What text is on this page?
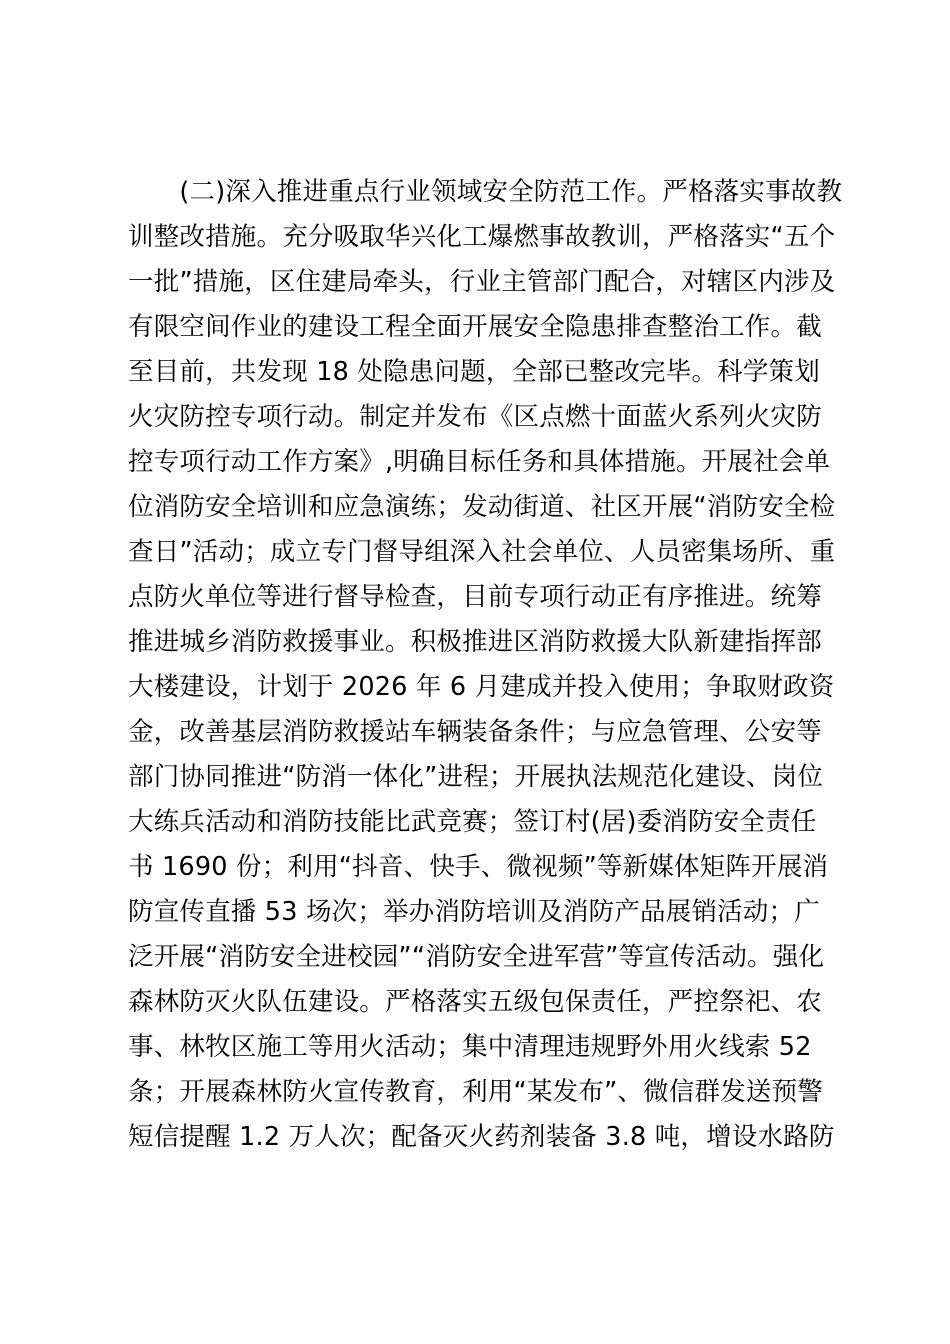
　　(二)深入推进重点行业领域安全防范工作。严格落实事故教
训整改措施。充分吸取华兴化工爆燃事故教训，严格落实“五个
一批”措施，区住建局牵头，行业主管部门配合，对辖区内涉及
有限空间作业的建设工程全面开展安全隐患排查整治工作。截
至目前，共发现 18 处隐患问题，全部已整改完毕。科学策划
火灾防控专项行动。制定并发布《区点燃十面蓝火系列火灾防
控专项行动工作方案》,明确目标任务和具体措施。开展社会单
位消防安全培训和应急演练；发动街道、社区开展“消防安全检
查日”活动；成立专门督导组深入社会单位、人员密集场所、重
点防火单位等进行督导检查，目前专项行动正有序推进。统筹
推进城乡消防救援事业。积极推进区消防救援大队新建指挥部
大楼建设，计划于 2026 年 6 月建成并投入使用；争取财政资
金，改善基层消防救援站车辆装备条件；与应急管理、公安等
部门协同推进“防消一体化”进程；开展执法规范化建设、岗位
大练兵活动和消防技能比武竞赛；签订村(居)委消防安全责任
书 1690 份；利用“抖音、快手、微视频”等新媒体矩阵开展消
防宣传直播 53 场次；举办消防培训及消防产品展销活动；广
泛开展“消防安全进校园”“消防安全进军营”等宣传活动。强化
森林防灭火队伍建设。严格落实五级包保责任，严控祭祀、农
事、林牧区施工等用火活动；集中清理违规野外用火线索 52
条；开展森林防火宣传教育，利用“某发布”、微信群发送预警
短信提醒 1.2 万人次；配备灭火药剂装备 3.8 吨，增设水路防
